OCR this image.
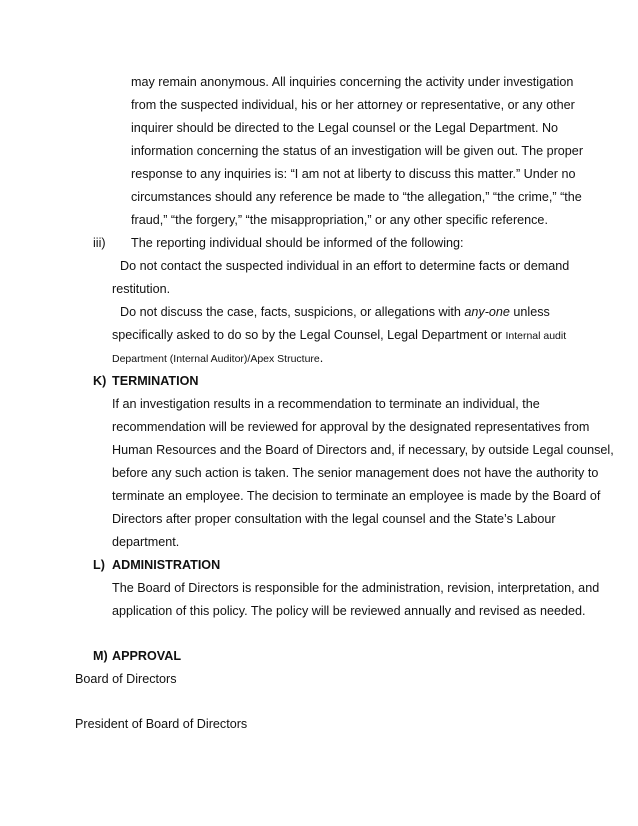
may remain anonymous. All inquiries concerning the activity under investigation
from the suspected individual, his or her attorney or representative, or any other
inquirer should be directed to the Legal counsel or the Legal Department. No
information concerning the status of an investigation will be given out. The proper
response to any inquiries is: “I am not at liberty to discuss this matter.” Under no
circumstances should any reference be made to “the allegation,” “the crime,” “the
fraud,” “the forgery,” “the misappropriation,” or any other specific reference.
iii) The reporting individual should be informed of the following:
Do not contact the suspected individual in an effort to determine facts or demand
restitution.
Do not discuss the case, facts, suspicions, or allegations with any-one unless
specifically asked to do so by the Legal Counsel, Legal Department or Internal audit
Department (Internal Auditor)/Apex Structure.
K) TERMINATION
If an investigation results in a recommendation to terminate an individual, the
recommendation will be reviewed for approval by the designated representatives from
Human Resources and the Board of Directors and, if necessary, by outside Legal counsel,
before any such action is taken. The senior management does not have the authority to
terminate an employee. The decision to terminate an employee is made by the Board of
Directors after proper consultation with the legal counsel and the State’s Labour
department.
L) ADMINISTRATION
The Board of Directors is responsible for the administration, revision, interpretation, and
application of this policy. The policy will be reviewed annually and revised as needed.
M) APPROVAL
Board of Directors
President of Board of Directors
